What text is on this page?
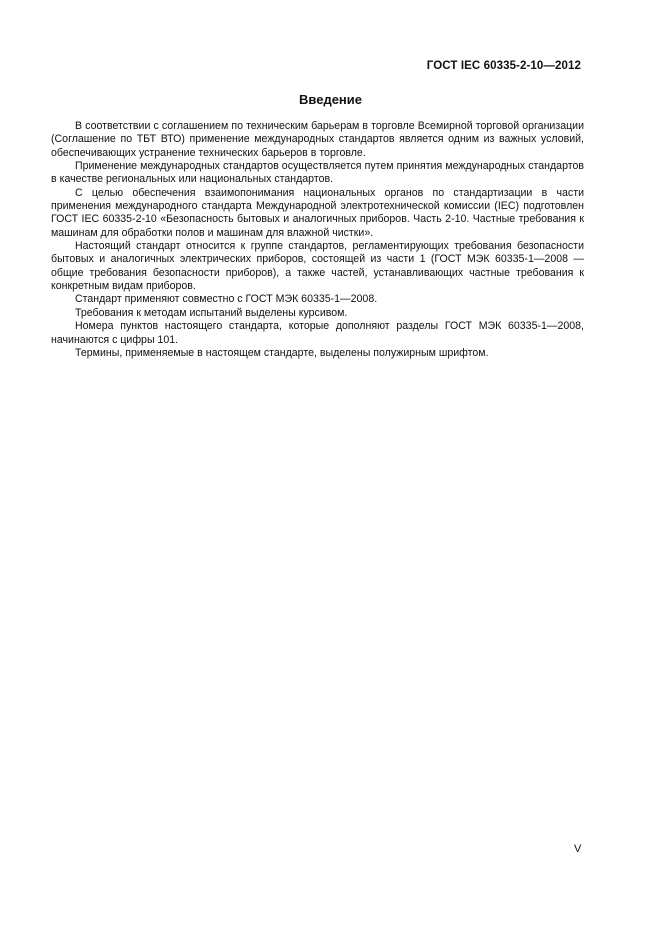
ГОСТ IEC 60335-2-10—2012
Введение

В соответствии с соглашением по техническим барьерам в торговле Всемирной торговой организации (Соглашение по ТБТ ВТО) применение международных стандартов является одним из важных условий, обеспечивающих устранение технических барьеров в торговле.

Применение международных стандартов осуществляется путем принятия международных стандартов в качестве региональных или национальных стандартов.

С целью обеспечения взаимопонимания национальных органов по стандартизации в части применения международного стандарта Международной электротехнической комиссии (IEC) подготовлен ГОСТ IEC 60335-2-10 «Безопасность бытовых и аналогичных приборов. Часть 2-10. Частные требования к машинам для обработки полов и машинам для влажной чистки».

Настоящий стандарт относится к группе стандартов, регламентирующих требования безопасности бытовых и аналогичных электрических приборов, состоящей из части 1 (ГОСТ МЭК 60335-1—2008 — общие требования безопасности приборов), а также частей, устанавливающих частные требования к конкретным видам приборов.

Стандарт применяют совместно с ГОСТ МЭК 60335-1—2008.

Требования к методам испытаний выделены курсивом.

Номера пунктов настоящего стандарта, которые дополняют разделы ГОСТ МЭК 60335-1—2008, начинаются с цифры 101.

Термины, применяемые в настоящем стандарте, выделены полужирным шрифтом.

V
